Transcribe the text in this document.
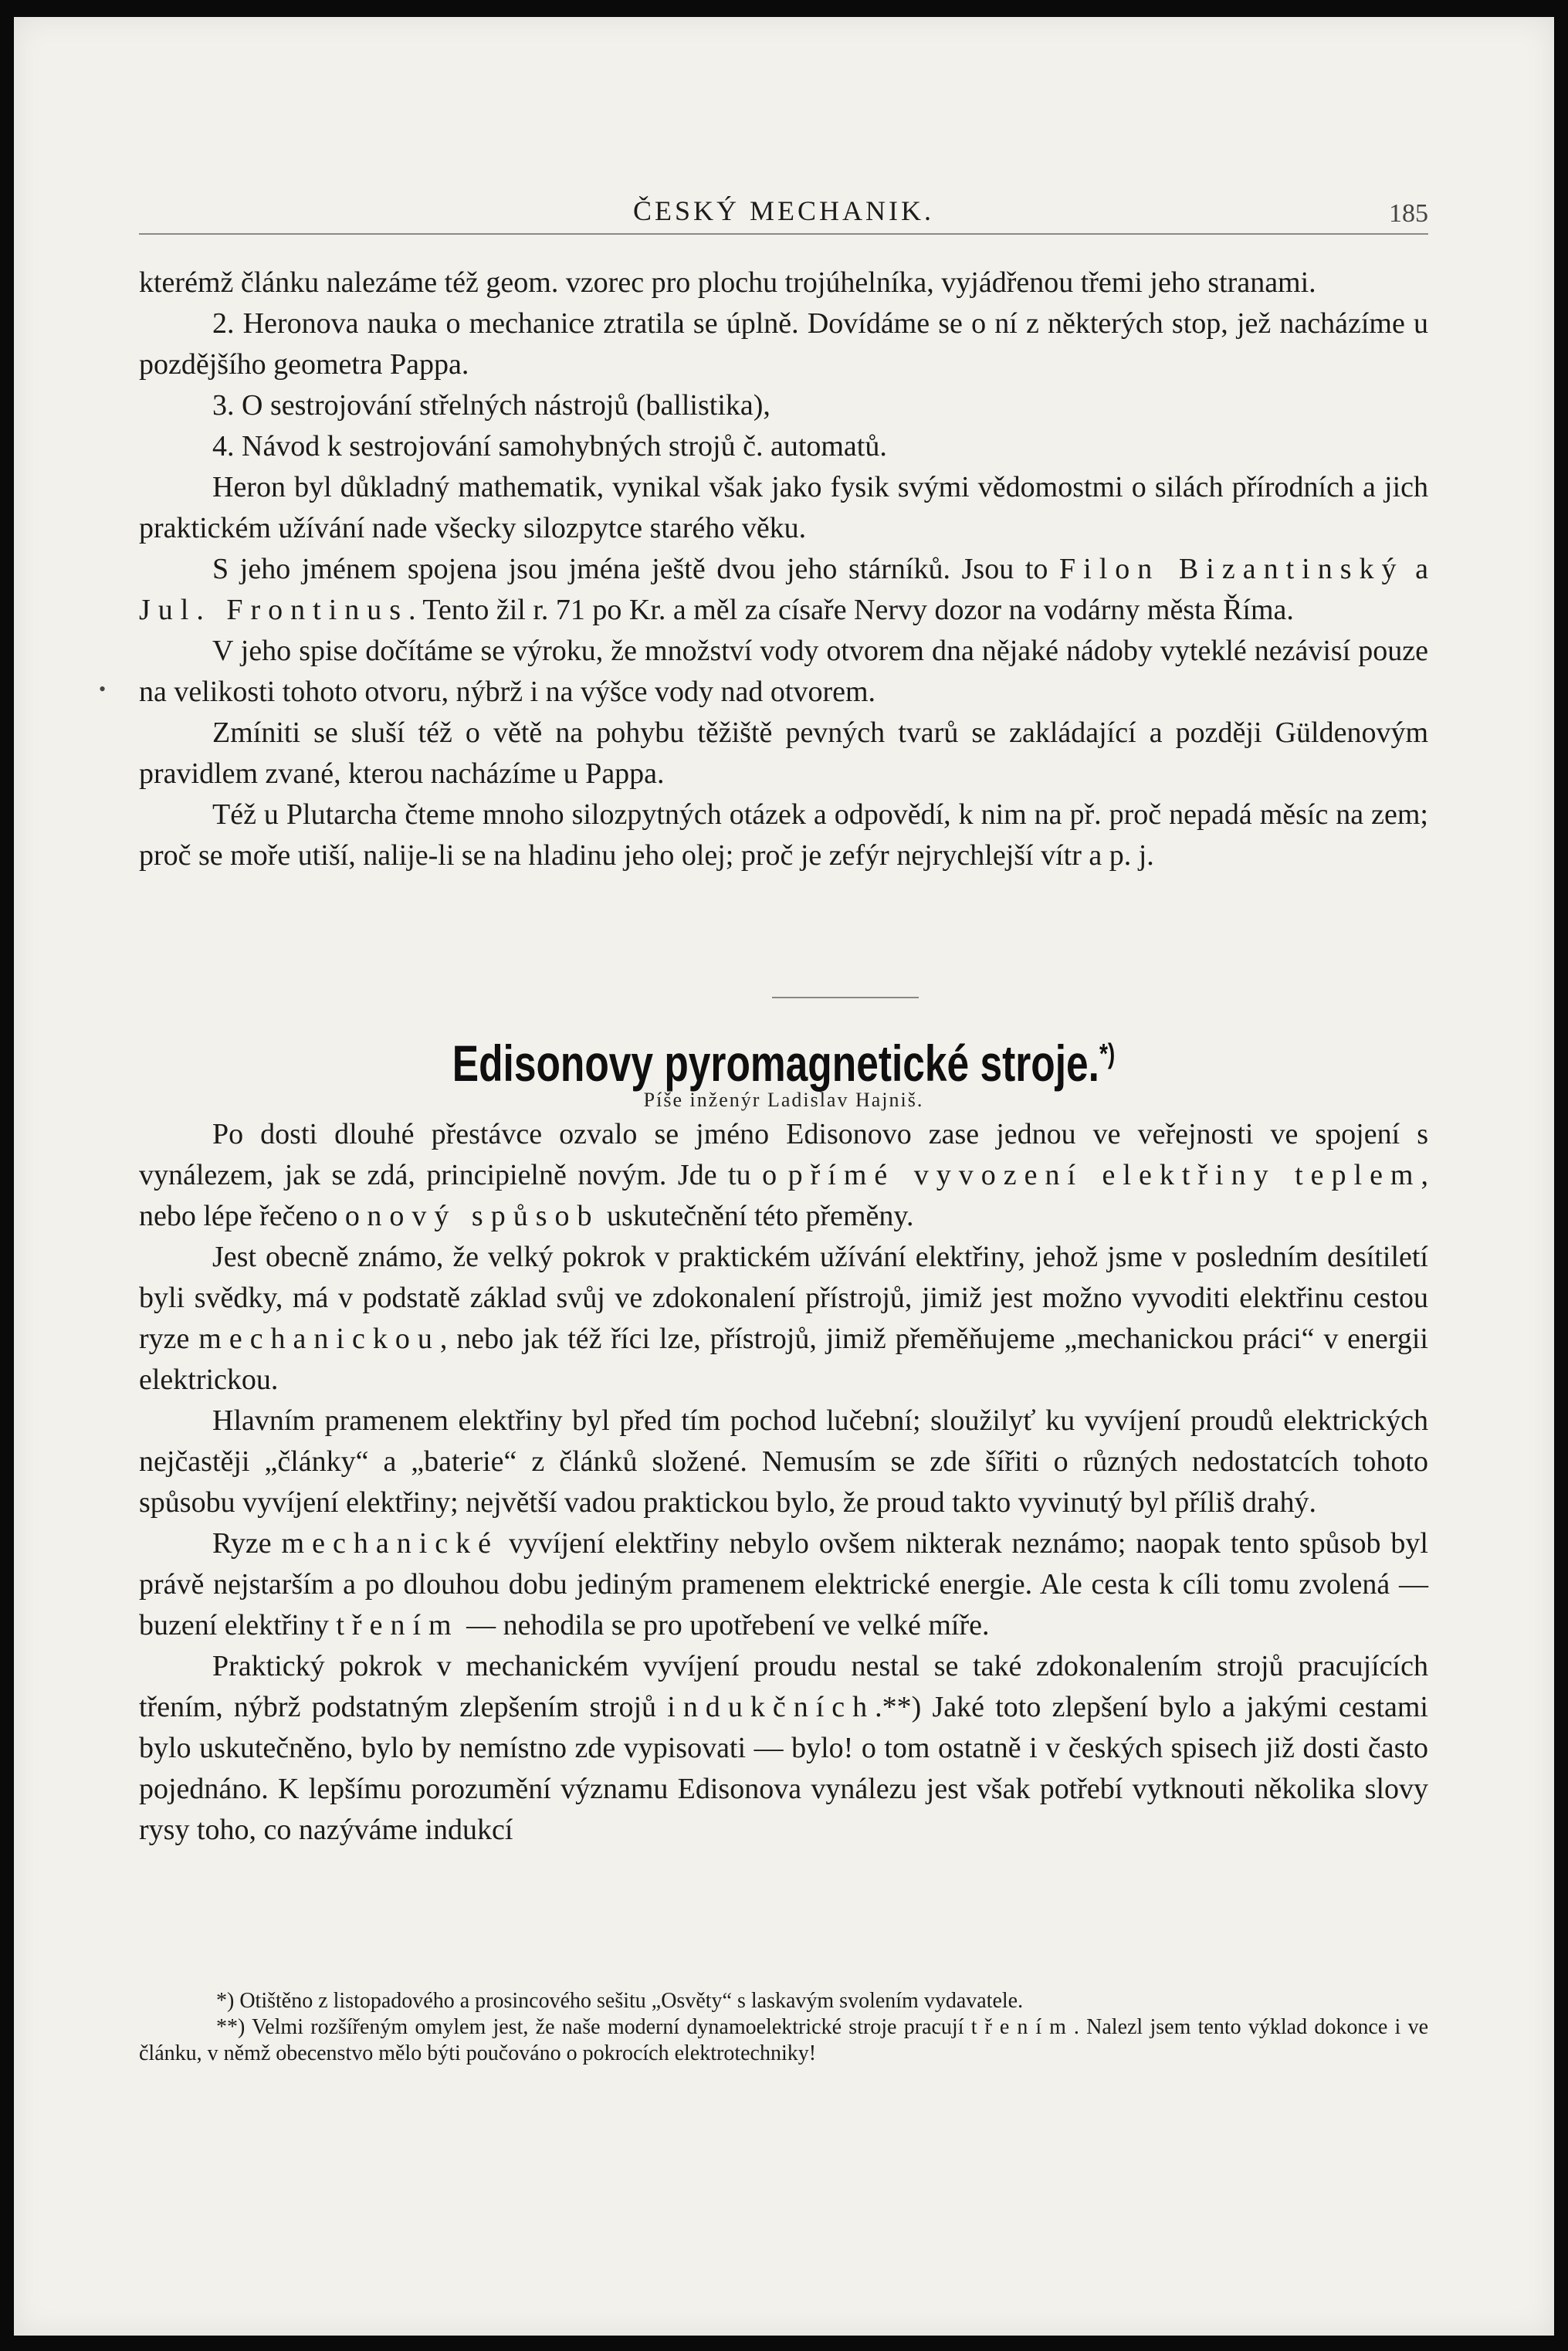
ČESKÝ MECHANIK.	185
•

kterémž článku nalezáme též geom. vzorec pro plochu trojúhelníka, vyjádřenou třemi jeho stranami.

2. Heronova nauka o mechanice ztratila se úplně. Dovídáme se o ní z některých stop, jež nacházíme u pozdějšího geometra Pappa.

3. O sestrojování střelných nástrojů (ballistika),

4. Návod k sestrojování samohybných strojů č. automatů.

Heron byl důkladný mathematik, vynikal však jako fysik svými vědomostmi o silách přírodních a jich praktickém užívání nade všecky silozpytce starého věku.

S jeho jménem spojena jsou jména ještě dvou jeho stárníků. Jsou to Filon Bizantinský a Jul. Frontinus. Tento žil r. 71 po Kr. a měl za císaře Nervy dozor na vodárny města Říma.

V jeho spise dočítáme se výroku, že množství vody otvorem dna nějaké nádoby vyteklé nezávisí pouze na velikosti tohoto otvoru, nýbrž i na výšce vody nad otvorem.

Zmíniti se sluší též o větě na pohybu těžiště pevných tvarů se zakládající a později Güldenovým pravidlem zvané, kterou nacházíme u Pappa.

Též u Plutarcha čteme mnoho silozpytných otázek a odpovědí, k nim na př. proč nepadá měsíc na zem; proč se moře utiší, nalije-li se na hladinu jeho olej; proč je zefýr nejrychlejší vítr a p. j.

Edisonovy pyromagnetické stroje.*)
Píše inženýr Ladislav Hajniš.

Po dosti dlouhé přestávce ozvalo se jméno Edisonovo zase jednou ve veřejnosti ve spojení s vynálezem, jak se zdá, principielně novým. Jde tu o přímé vyvození elektřiny teplem, nebo lépe řečeno o nový spůsob uskutečnění této přeměny.

Jest obecně známo, že velký pokrok v praktickém užívání elektřiny, jehož jsme v posledním desítiletí byli svědky, má v podstatě základ svůj ve zdokonalení přístrojů, jimiž jest možno vyvoditi elektřinu cestou ryze mechanickou, nebo jak též říci lze, přístrojů, jimiž přeměňujeme „mechanickou práci“ v energii elektrickou.

Hlavním pramenem elektřiny byl před tím pochod lučební; sloužilyť ku vyvíjení proudů elektrických nejčastěji „články“ a „baterie“ z článků složené. Nemusím se zde šířiti o různých nedostatcích tohoto spůsobu vyvíjení elektřiny; největší vadou praktickou bylo, že proud takto vyvinutý byl příliš drahý.

Ryze mechanické vyvíjení elektřiny nebylo ovšem nikterak neznámo; naopak tento spůsob byl právě nejstarším a po dlouhou dobu jediným pramenem elektrické energie. Ale cesta k cíli tomu zvolená — buzení elektřiny třením — nehodila se pro upotřebení ve velké míře.

Praktický pokrok v mechanickém vyvíjení proudu nestal se také zdokonalením strojů pracujících třením, nýbrž podstatným zlepšením strojů indukčních.**) Jaké toto zlepšení bylo a jakými cestami bylo uskutečněno, bylo by nemístno zde vypisovati — bylo! o tom ostatně i v českých spisech již dosti často pojednáno. K lepšímu porozumění významu Edisonova vynálezu jest však potřebí vytknouti několika slovy rysy toho, co nazýváme indukcí

*) Otištěno z listopadového a prosincového sešitu „Osvěty“ s laskavým svolením vydavatele.

**) Velmi rozšířeným omylem jest, že naše moderní dynamoelektrické stroje pracují třením. Nalezl jsem tento výklad dokonce i ve článku, v němž obecenstvo mělo býti poučováno o pokrocích elektrotechniky!
